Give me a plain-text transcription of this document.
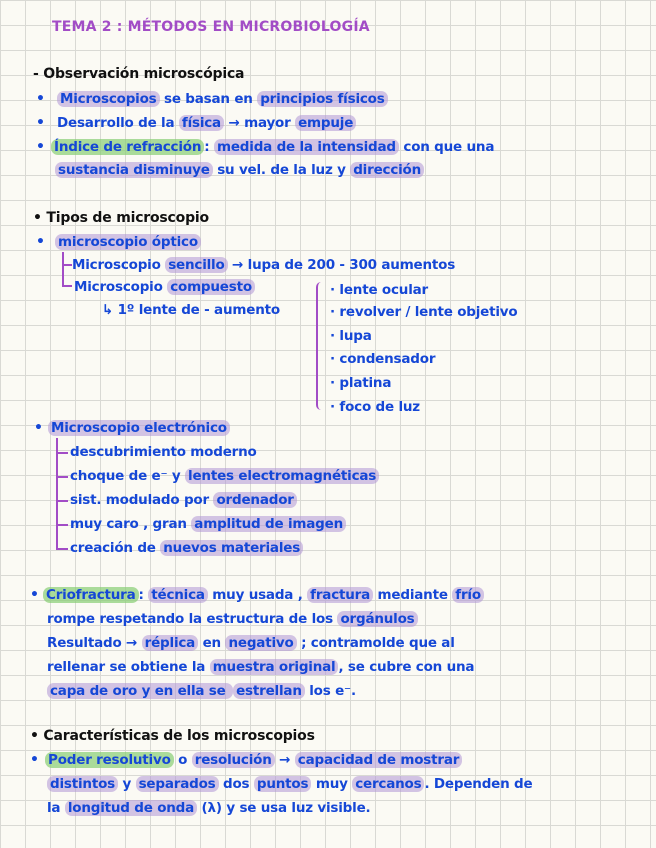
TEMA 2 : MÉTODOS EN MICROBIOLOGÍA
- Observación microscópica
• Microscopios se basan en principios físicos
• Desarrollo de la física → mayor empuje
• Índice de refracción : medida de la intensidad con que una
sustancia disminuye su vel. de la luz y dirección
• Tipos de microscopio
• microscopio óptico
Microscopio sencillo → lupa de 200 - 300 aumentos
Microscopio compuesto
↳ 1º lente de - aumento
· lente ocular
· revolver / lente objetivo
· lupa
· condensador
· platina
· foco de luz
• Microscopio electrónico
descubrimiento moderno
choque de e⁻ y lentes electromagnéticas
sist. modulado por ordenador
muy caro , gran amplitud de imagen
creación de nuevos materiales
• Criofractura : técnica muy usada , fractura mediante frío
rompe respetando la estructura de los orgánulos
Resultado → réplica en negativo ; contramolde que al
rellenar se obtiene la muestra original , se cubre con una
capa de oro y en ella se estrellan los e⁻.
• Características de los microscopios
• Poder resolutivo o resolución → capacidad de mostrar
distintos y separados dos puntos muy cercanos . Dependen de
la longitud de onda (λ) y se usa luz visible.
